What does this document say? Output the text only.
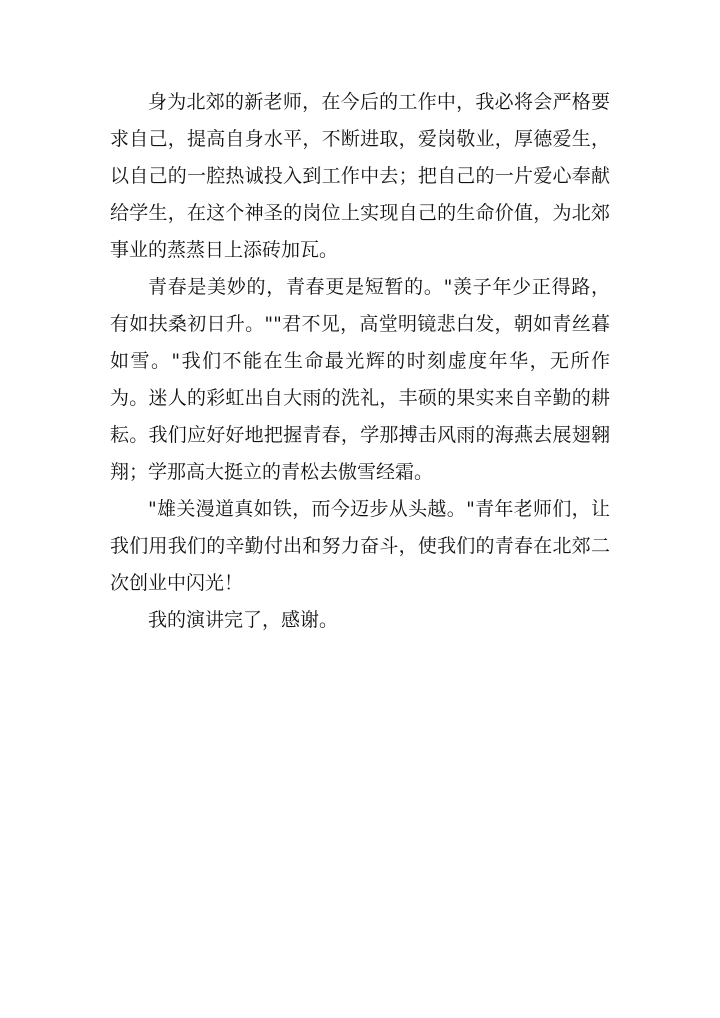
身为北郊的新老师，在今后的工作中，我必将会严格要求自己，提高自身水平，不断进取，爱岗敬业，厚德爱生，以自己的一腔热诚投入到工作中去；把自己的一片爱心奉献给学生，在这个神圣的岗位上实现自己的生命价值，为北郊事业的蒸蒸日上添砖加瓦。

青春是美妙的，青春更是短暂的。"羡子年少正得路，有如扶桑初日升。""君不见，高堂明镜悲白发，朝如青丝暮如雪。"我们不能在生命最光辉的时刻虚度年华，无所作为。迷人的彩虹出自大雨的洗礼，丰硕的果实来自辛勤的耕耘。我们应好好地把握青春，学那搏击风雨的海燕去展翅翱翔；学那高大挺立的青松去傲雪经霜。

"雄关漫道真如铁，而今迈步从头越。"青年老师们，让我们用我们的辛勤付出和努力奋斗，使我们的青春在北郊二次创业中闪光！

我的演讲完了，感谢。
